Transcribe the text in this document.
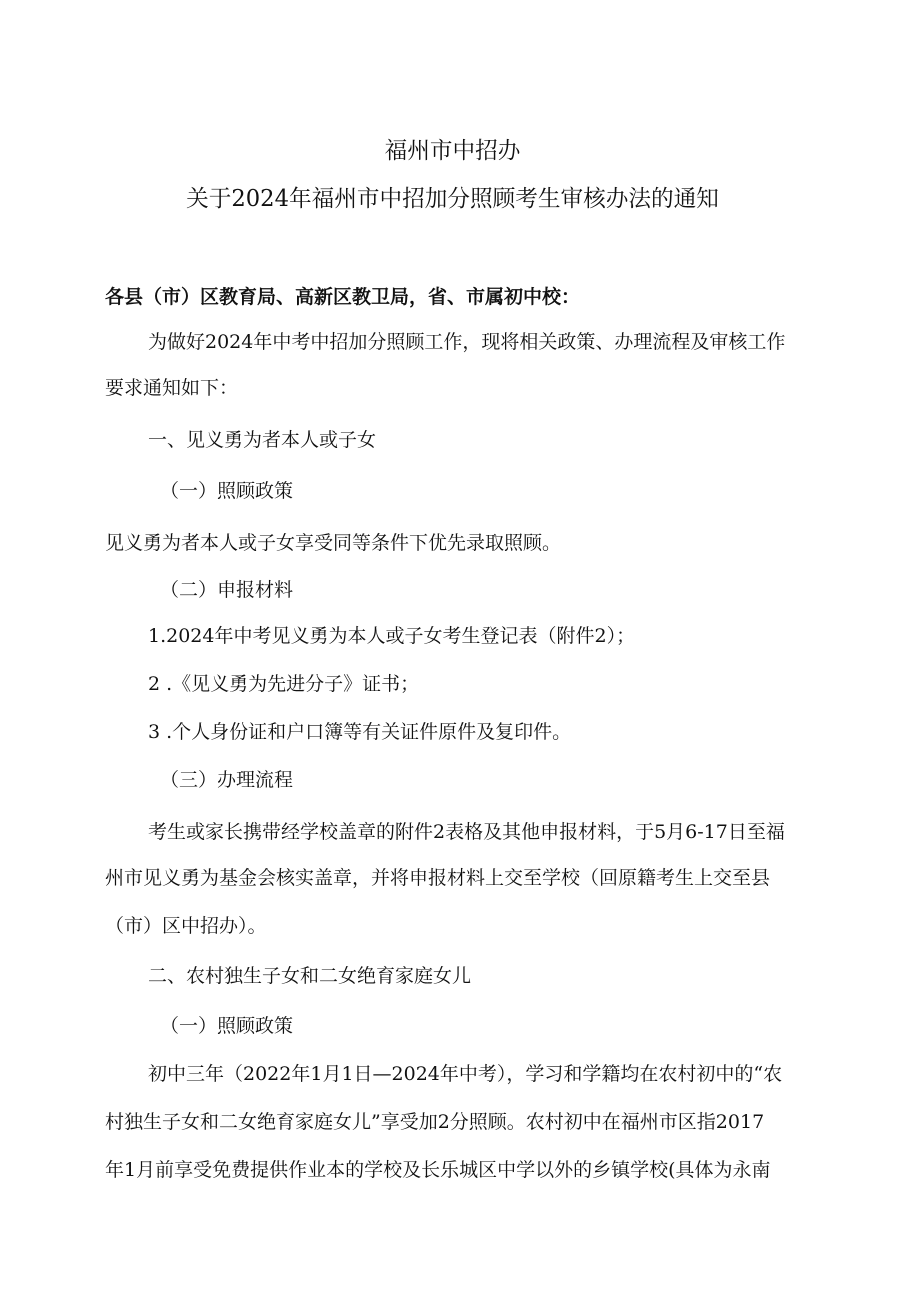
福州市中招办
关于2024年福州市中招加分照顾考生审核办法的通知
各县（市）区教育局、高新区教卫局，省、市属初中校：
为做好2024年中考中招加分照顾工作，现将相关政策、办理流程及审核工作
要求通知如下：
一、见义勇为者本人或子女
（一）照顾政策
见义勇为者本人或子女享受同等条件下优先录取照顾。
（二）申报材料
1.2024年中考见义勇为本人或子女考生登记表（附件2）；
2 .《见义勇为先进分子》证书；
3 .个人身份证和户口簿等有关证件原件及复印件。
（三）办理流程
考生或家长携带经学校盖章的附件2表格及其他申报材料，于5月6-17日至福
州市见义勇为基金会核实盖章，并将申报材料上交至学校（回原籍考生上交至县
（市）区中招办）。
二、农村独生子女和二女绝育家庭女儿
（一）照顾政策
初中三年（2022年1月1日—2024年中考），学习和学籍均在农村初中的“农
村独生子女和二女绝育家庭女儿”享受加2分照顾。农村初中在福州市区指2017
年1月前享受免费提供作业本的学校及长乐城区中学以外的乡镇学校(具体为永南
